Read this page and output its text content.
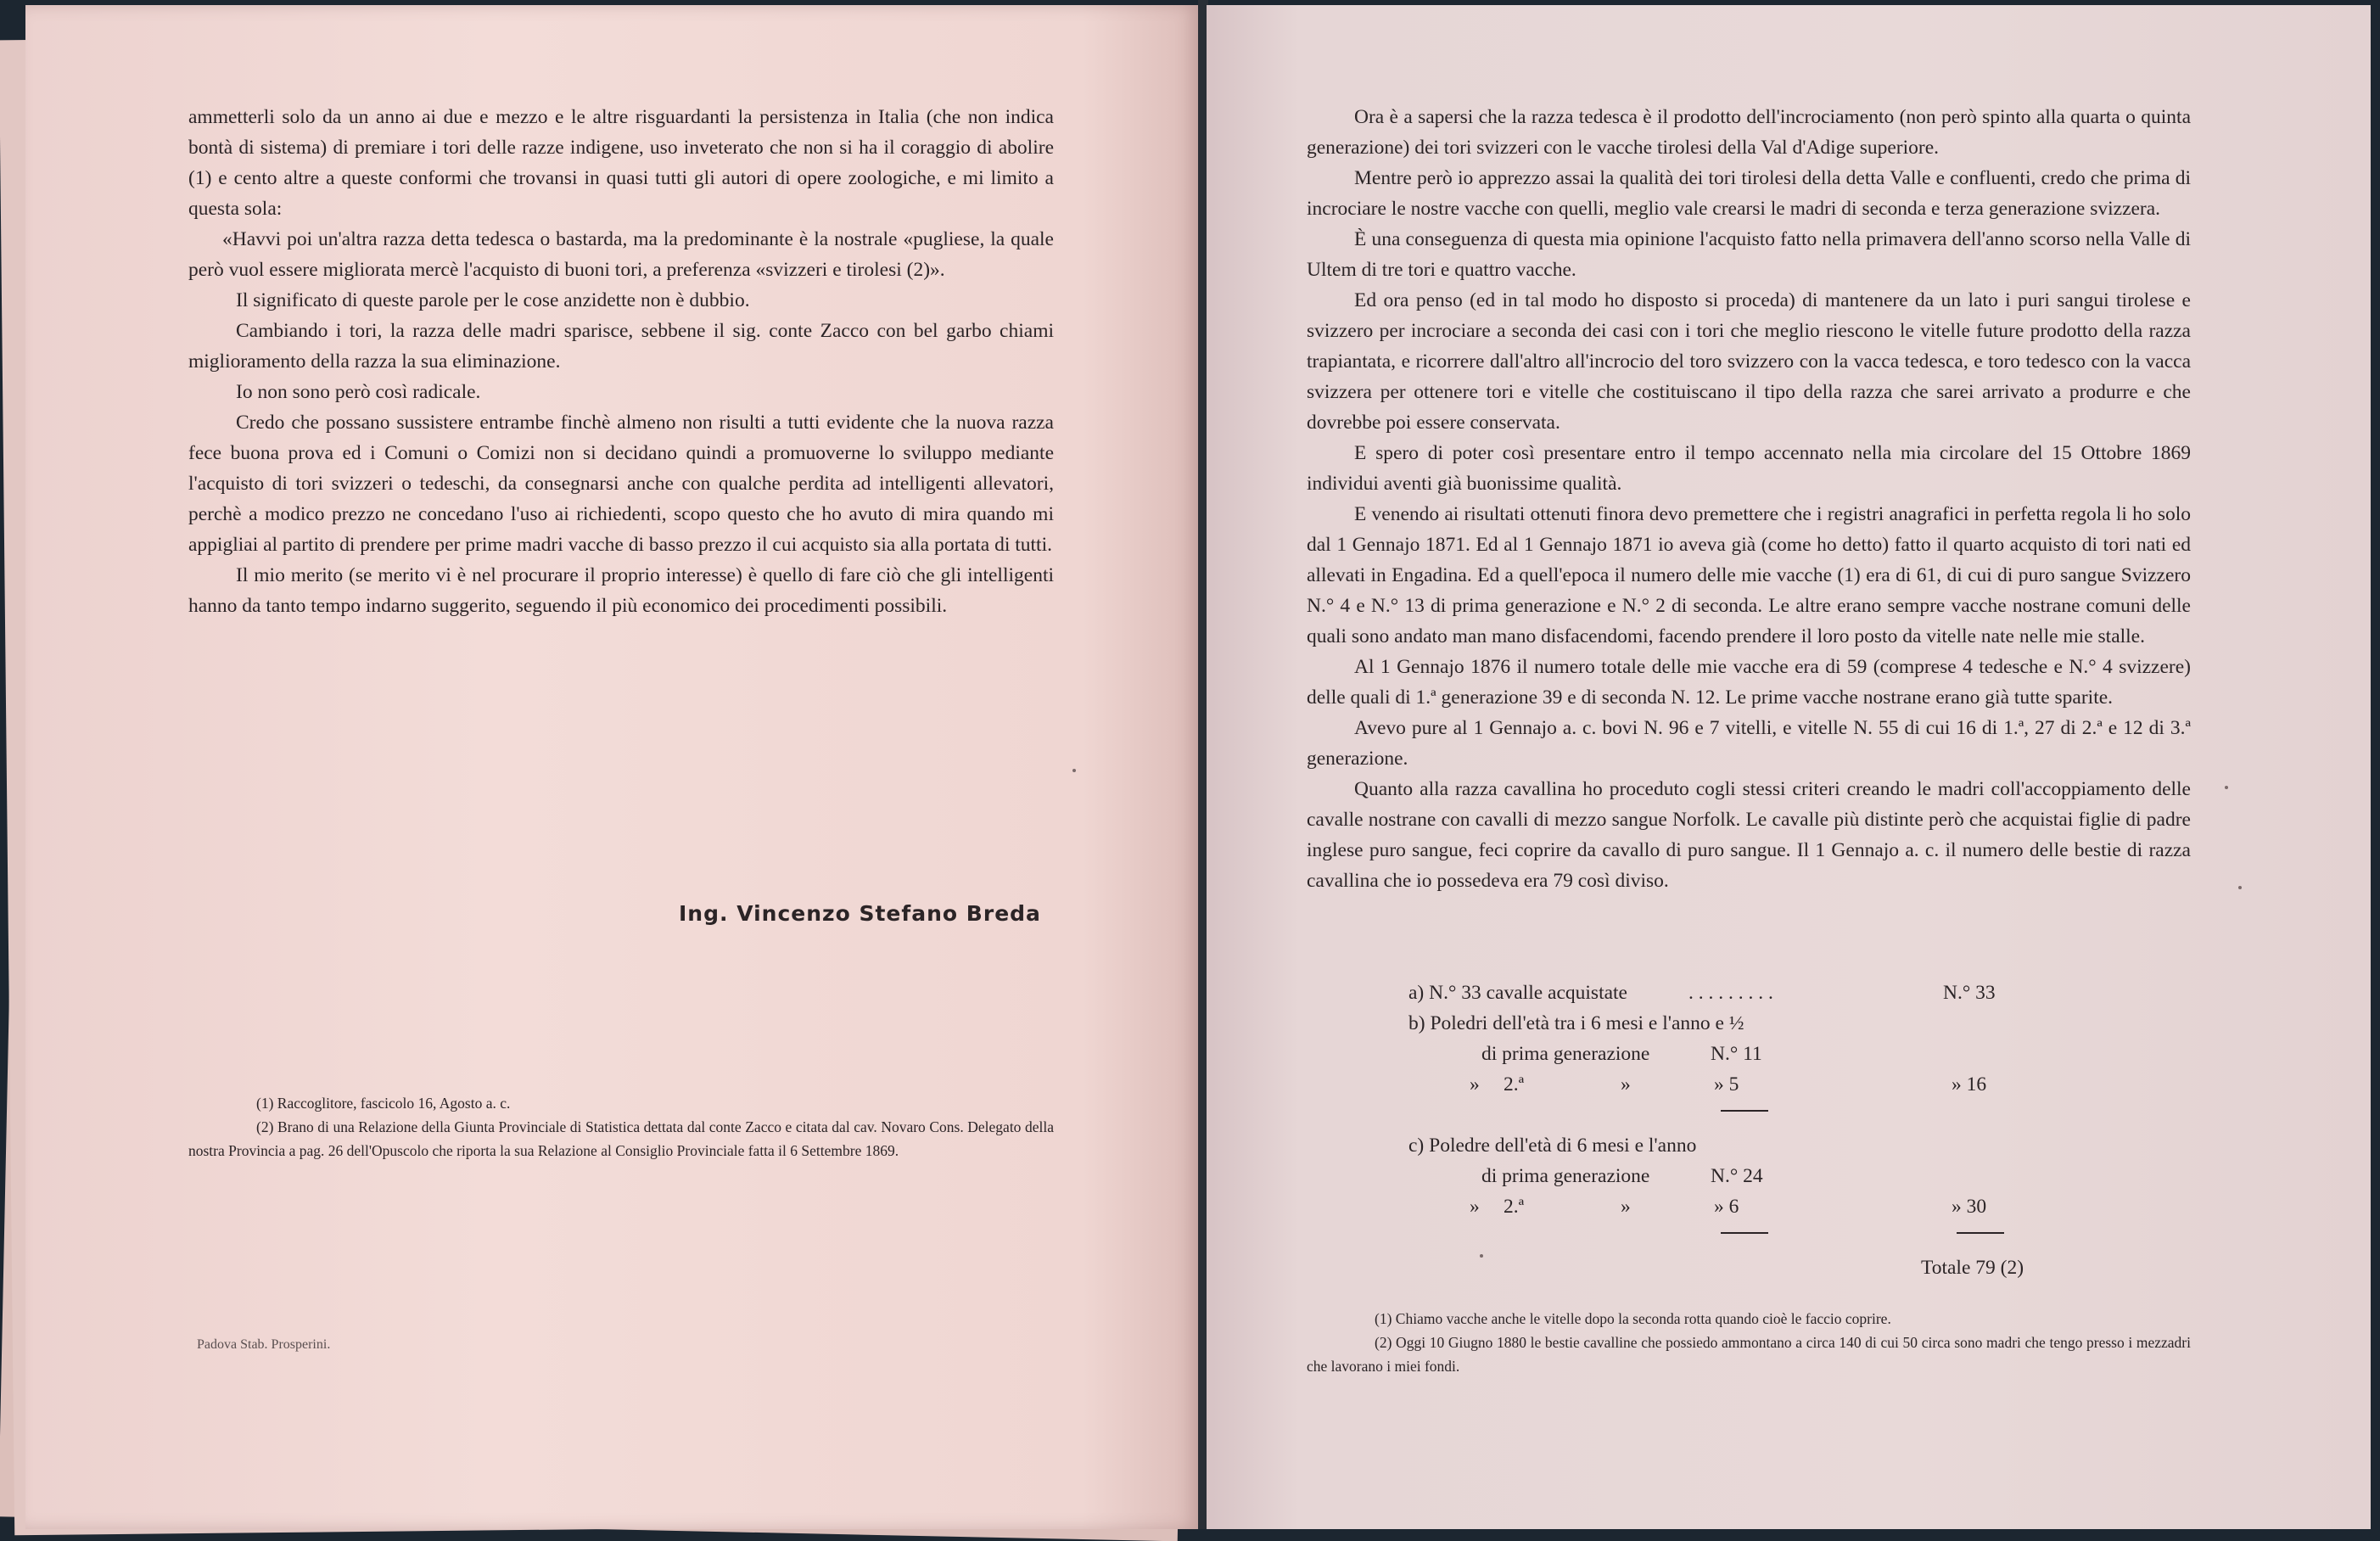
ammetterli solo da un anno ai due e mezzo e le altre risguardanti la persistenza in Italia (che non indica bontà di sistema) di premiare i tori delle razze indigene, uso inveterato che non si ha il coraggio di abolire (1) e cento altre a queste conformi che trovansi in quasi tutti gli autori di opere zoologiche, e mi limito a questa sola:

«Havvi poi un'altra razza detta tedesca o bastarda, ma la predominante è la nostrale «pugliese, la quale però vuol essere migliorata mercè l'acquisto di buoni tori, a preferenza «svizzeri e tirolesi (2)».

Il significato di queste parole per le cose anzidette non è dubbio.

Cambiando i tori, la razza delle madri sparisce, sebbene il sig. conte Zacco con bel garbo chiami miglioramento della razza la sua eliminazione.

Io non sono però così radicale.

Credo che possano sussistere entrambe finchè almeno non risulti a tutti evidente che la nuova razza fece buona prova ed i Comuni o Comizi non si decidano quindi a promuoverne lo sviluppo mediante l'acquisto di tori svizzeri o tedeschi, da consegnarsi anche con qualche perdita ad intelligenti allevatori, perchè a modico prezzo ne concedano l'uso ai richiedenti, scopo questo che ho avuto di mira quando mi appigliai al partito di prendere per prime madri vacche di basso prezzo il cui acquisto sia alla portata di tutti.

Il mio merito (se merito vi è nel procurare il proprio interesse) è quello di fare ciò che gli intelligenti hanno da tanto tempo indarno suggerito, seguendo il più economico dei procedimenti possibili.

Ing. Vincenzo Stefano Breda

(1) Raccoglitore, fascicolo 16, Agosto a. c.

(2) Brano di una Relazione della Giunta Provinciale di Statistica dettata dal conte Zacco e citata dal cav. Novaro Cons. Delegato della nostra Provincia a pag. 26 dell'Opuscolo che riporta la sua Relazione al Consiglio Provinciale fatta il 6 Settembre 1869.

Padova Stab. Prosperini.

Ora è a sapersi che la razza tedesca è il prodotto dell'incrociamento (non però spinto alla quarta o quinta generazione) dei tori svizzeri con le vacche tirolesi della Val d'Adige superiore.

Mentre però io apprezzo assai la qualità dei tori tirolesi della detta Valle e confluenti, credo che prima di incrociare le nostre vacche con quelli, meglio vale crearsi le madri di seconda e terza generazione svizzera.

È una conseguenza di questa mia opinione l'acquisto fatto nella primavera dell'anno scorso nella Valle di Ultem di tre tori e quattro vacche.

Ed ora penso (ed in tal modo ho disposto si proceda) di mantenere da un lato i puri sangui tirolese e svizzero per incrociare a seconda dei casi con i tori che meglio riescono le vitelle future prodotto della razza trapiantata, e ricorrere dall'altro all'incrocio del toro svizzero con la vacca tedesca, e toro tedesco con la vacca svizzera per ottenere tori e vitelle che costituiscano il tipo della razza che sarei arrivato a produrre e che dovrebbe poi essere conservata.

E spero di poter così presentare entro il tempo accennato nella mia circolare del 15 Ottobre 1869 individui aventi già buonissime qualità.

E venendo ai risultati ottenuti finora devo premettere che i registri anagrafici in perfetta regola li ho solo dal 1 Gennajo 1871. Ed al 1 Gennajo 1871 io aveva già (come ho detto) fatto il quarto acquisto di tori nati ed allevati in Engadina. Ed a quell'epoca il numero delle mie vacche (1) era di 61, di cui di puro sangue Svizzero N.° 4 e N.° 13 di prima generazione e N.° 2 di seconda. Le altre erano sempre vacche nostrane comuni delle quali sono andato man mano disfacendomi, facendo prendere il loro posto da vitelle nate nelle mie stalle.

Al 1 Gennajo 1876 il numero totale delle mie vacche era di 59 (comprese 4 tedesche e N.° 4 svizzere) delle quali di 1.ª generazione 39 e di seconda N. 12. Le prime vacche nostrane erano già tutte sparite.

Avevo pure al 1 Gennajo a. c. bovi N. 96 e 7 vitelli, e vitelle N. 55 di cui 16 di 1.ª, 27 di 2.ª e 12 di 3.ª generazione.

Quanto alla razza cavallina ho proceduto cogli stessi criteri creando le madri coll'accoppiamento delle cavalle nostrane con cavalli di mezzo sangue Norfolk. Le cavalle più distinte però che acquistai figlie di padre inglese puro sangue, feci coprire da cavallo di puro sangue. Il 1 Gennajo a. c. il numero delle bestie di razza cavallina che io possedeva era 79 così diviso.

a) N.° 33 cavalle acquistate	. . . . . . . . .	N.° 33
b) Poledri dell'età tra i 6 mesi e l'anno e ½
di prima generazione	N.° 11
» 2.ª	»	» 5	» 16
c) Poledre dell'età di 6 mesi e l'anno
di prima generazione	N.° 24
» 2.ª	»	» 6	» 30
Totale 79 (2)

(1) Chiamo vacche anche le vitelle dopo la seconda rotta quando cioè le faccio coprire.

(2) Oggi 10 Giugno 1880 le bestie cavalline che possiedo ammontano a circa 140 di cui 50 circa sono madri che tengo presso i mezzadri che lavorano i miei fondi.
